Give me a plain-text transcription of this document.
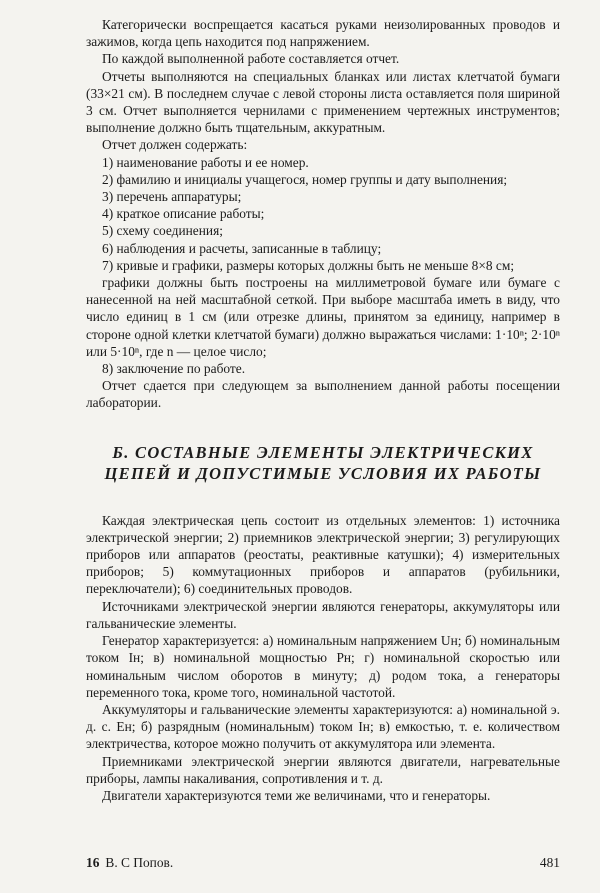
Категорически воспрещается касаться руками неизолированных проводов и зажимов, когда цепь находится под напряжением.

По каждой выполненной работе составляется отчет.

Отчеты выполняются на специальных бланках или листах клетчатой бумаги (33×21 см). В последнем случае с левой стороны листа оставляется поля шириной 3 см. Отчет выполняется чернилами с применением чертежных инструментов; выполнение должно быть тщательным, аккуратным.

Отчет должен содержать:

1) наименование работы и ее номер.

2) фамилию и инициалы учащегося, номер группы и дату выполнения;

3) перечень аппаратуры;

4) краткое описание работы;

5) схему соединения;

6) наблюдения и расчеты, записанные в таблицу;

7) кривые и графики, размеры которых должны быть не меньше 8×8 см;

графики должны быть построены на миллиметровой бумаге или бумаге с нанесенной на ней масштабной сеткой. При выборе масштаба иметь в виду, что число единиц в 1 см (или отрезке длины, принятом за единицу, например в стороне одной клетки клетчатой бумаги) должно выражаться числами: 1·10ⁿ; 2·10ⁿ или 5·10ⁿ, где n — целое число;

8) заключение по работе.

Отчет сдается при следующем за выполнением данной работы посещении лаборатории.

Б. СОСТАВНЫЕ ЭЛЕМЕНТЫ ЭЛЕКТРИЧЕСКИХ ЦЕПЕЙ И ДОПУСТИМЫЕ УСЛОВИЯ ИХ РАБОТЫ

Каждая электрическая цепь состоит из отдельных элементов: 1) источника электрической энергии; 2) приемников электрической энергии; 3) регулирующих приборов или аппаратов (реостаты, реактивные катушки); 4) измерительных приборов; 5) коммутационных приборов и аппаратов (рубильники, переключатели); 6) соединительных проводов.

Источниками электрической энергии являются генераторы, аккумуляторы или гальванические элементы.

Генератор характеризуется: а) номинальным напряжением Uн; б) номинальным током Iн; в) номинальной мощностью Pн; г) номинальной скоростью или номинальным числом оборотов в минуту; д) родом тока, а генераторы переменного тока, кроме того, номинальной частотой.

Аккумуляторы и гальванические элементы характеризуются: а) номинальной э. д. с. Eн; б) разрядным (номинальным) током Iн; в) емкостью, т. е. количеством электричества, которое можно получить от аккумулятора или элемента.

Приемниками электрической энергии являются двигатели, нагревательные приборы, лампы накаливания, сопротивления и т. д.

Двигатели характеризуются теми же величинами, что и генераторы.

16 В. С Попов.	481
